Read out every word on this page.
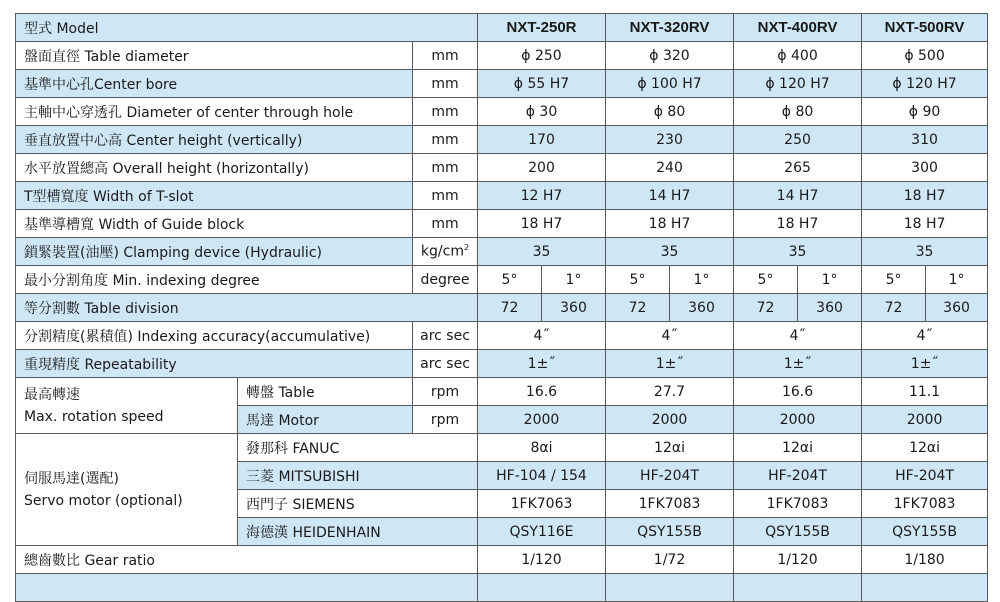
型式 Model			NXT-250R		NXT-320RV		NXT-400RV		NXT-500RV	
盤面直徑 Table diameter		mm	ϕ 250		ϕ 320		ϕ 400		ϕ 500	
基準中心孔Center bore		mm	ϕ 55 H7		ϕ 100 H7		ϕ 120 H7		ϕ 120 H7	
主軸中心穿透孔 Diameter of center through hole		mm	ϕ 30		ϕ 80		ϕ 80		ϕ 90	
垂直放置中心高 Center height (vertically)		mm	170		230		250		310	
水平放置總高 Overall height (horizontally)		mm	200		240		265		300	
T型槽寬度 Width of T-slot		mm	12 H7		14 H7		14 H7		18 H7	
基準導槽寬 Width of Guide block		mm	18 H7		18 H7		18 H7		18 H7	
鎖緊裝置(油壓) Clamping device (Hydraulic)		$kg/cm^2$	35		35		35		35	
最小分割角度 Min. indexing degree		degree	5°	1°	5°	1°	5°	1°	5°	1°
等分割數 Table division			72	360	72	360	72	360	72	360
分割精度(累積值) Indexing accuracy(accumulative)		arc sec	4˝		4˝		4˝		4˝	
重現精度 Repeatability		arc sec	1±˝		1±˝		1±˝		1±˝	

最高轉速
Max. rotation speed	轉盤 Table	rpm	16.6		27.7		16.6		11.1	
	馬達 Motor	rpm	2000		2000		2000		2000	

伺服馬達(選配)
Servo motor (optional)	發那科 FANUC		8αi		12αi		12αi		12αi	
	三菱 MITSUBISHI		HF-104 / 154		HF-204T		HF-204T		HF-204T	
	西門子 SIEMENS		1FK7063		1FK7083		1FK7083		1FK7083	
	海德漢 HEIDENHAIN		QSY116E		QSY155B		QSY155B		QSY155B	
總齒數比 Gear ratio			1/120		1/72		1/120		1/180	
